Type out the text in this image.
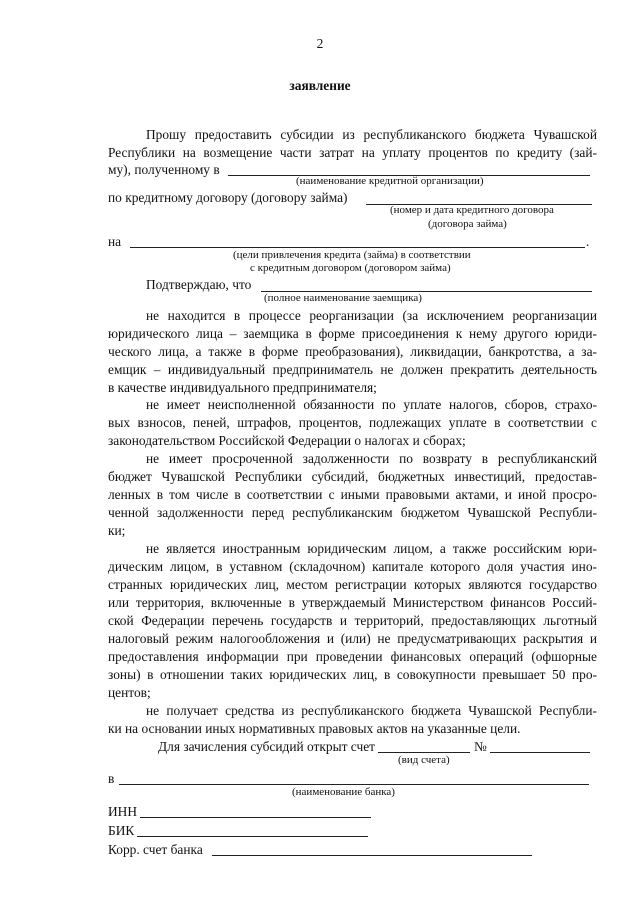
2
заявление
Прошу предоставить субсидии из республиканского бюджета Чувашской
Республики на возмещение части затрат на уплату процентов по кредиту (зай-
му), полученному в
(наименование кредитной организации)
по кредитному договору (договору займа)
(номер и дата кредитного договора
(договора займа)
на	.
(цели привлечения кредита (займа) в соответствии
с кредитным договором (договором займа)
Подтверждаю, что
(полное наименование заемщика)
не находится в процессе реорганизации (за исключением реорганизации
юридического лица – заемщика в форме присоединения к нему другого юриди-
ческого лица, а также в форме преобразования), ликвидации, банкротства, а за-
емщик – индивидуальный предприниматель не должен прекратить деятельность
в качестве индивидуального предпринимателя;
не имеет неисполненной обязанности по уплате налогов, сборов, страхо-
вых взносов, пеней, штрафов, процентов, подлежащих уплате в соответствии с
законодательством Российской Федерации о налогах и сборах;
не имеет просроченной задолженности по возврату в республиканский
бюджет Чувашской Республики субсидий, бюджетных инвестиций, предостав-
ленных в том числе в соответствии с иными правовыми актами, и иной просро-
ченной задолженности перед республиканским бюджетом Чувашской Республи-
ки;
не является иностранным юридическим лицом, а также российским юри-
дическим лицом, в уставном (складочном) капитале которого доля участия ино-
странных юридических лиц, местом регистрации которых являются государство
или территория, включенные в утверждаемый Министерством финансов Россий-
ской Федерации перечень государств и территорий, предоставляющих льготный
налоговый режим налогообложения и (или) не предусматривающих раскрытия и
предоставления информации при проведении финансовых операций (офшорные
зоны) в отношении таких юридических лиц, в совокупности превышает 50 про-
центов;
не получает средства из республиканского бюджета Чувашской Республи-
ки на основании иных нормативных правовых актов на указанные цели.
Для зачисления субсидий открыт счет	№
(вид счета)
в
(наименование банка)
ИНН
БИК
Корр. счет банка
